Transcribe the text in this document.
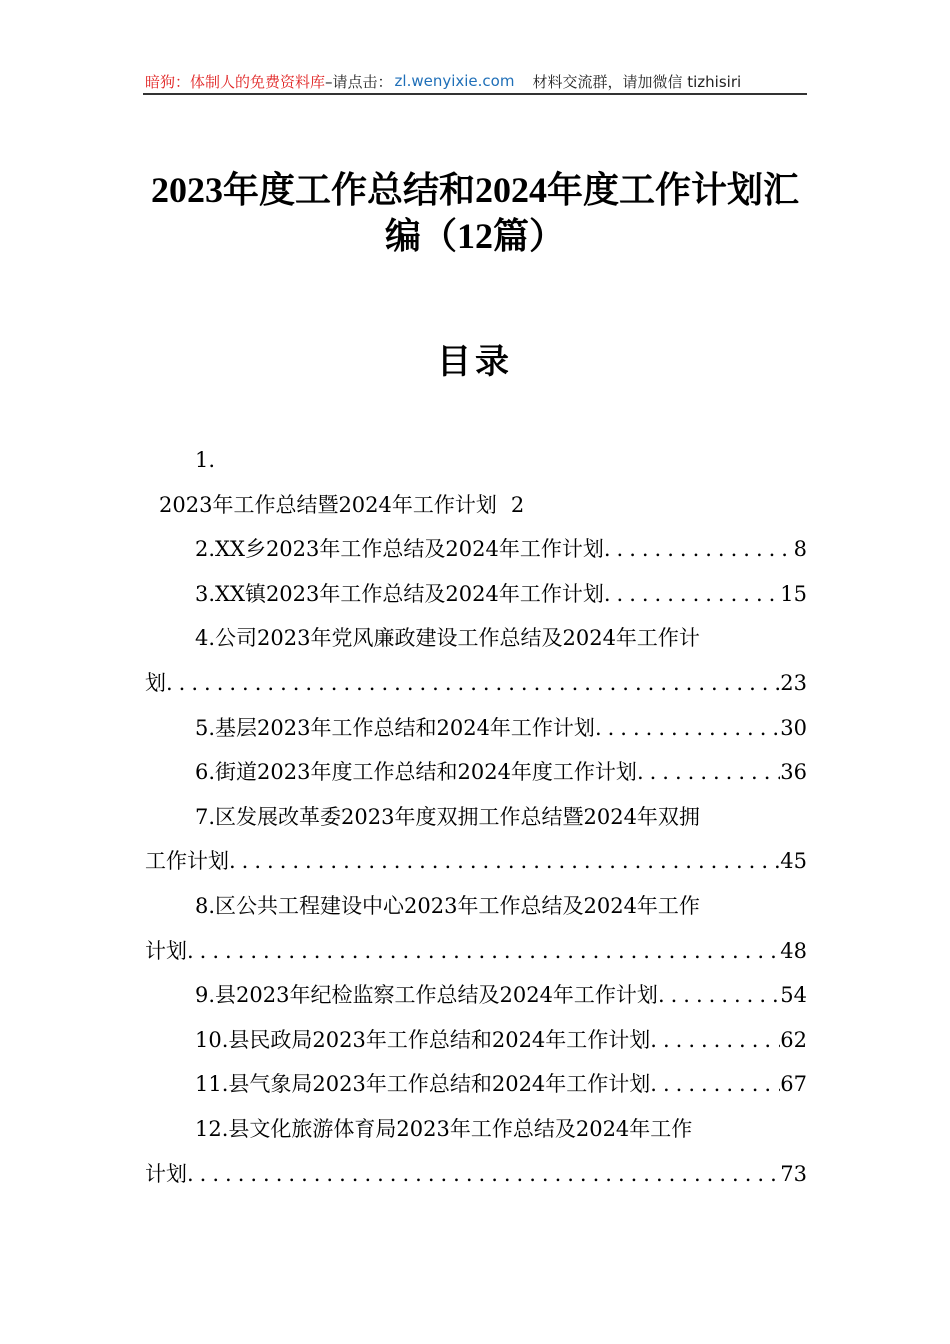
暗狗：体制人的免费资料库 –请点击： zl.wenyixie.com 材料交流群，请加微信 tizhisiri
2023年度工作总结和2024年度工作计划汇
编（12篇）
目录
1.
2023年工作总结暨2024年工作计划 2
2. XX乡2023年工作总结及2024年工作计划 .....	8
3. XX镇2023年工作总结及2024年工作计划 .....	15
4. 公司2023年党风廉政建设工作总结及2024年工作计
划 .....	23
5. 基层2023年工作总结和2024年工作计划 .....	30
6. 街道2023年度工作总结和2024年度工作计划 .....	36
7. 区发展改革委2023年度双拥工作总结暨2024年双拥
工作计划 .....	45
8. 区公共工程建设中心2023年工作总结及2024年工作
计划 .....	48
9. 县2023年纪检监察工作总结及2024年工作计划 .....	54
10. 县民政局2023年工作总结和2024年工作计划 .....	62
11. 县气象局2023年工作总结和2024年工作计划 .....	67
12. 县文化旅游体育局2023年工作总结及2024年工作
计划 .....	73
